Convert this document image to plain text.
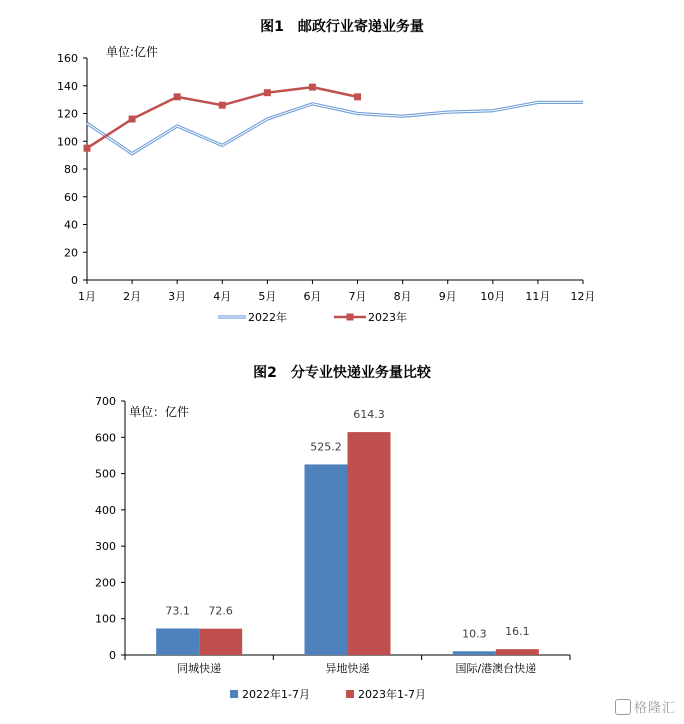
图1　邮政行业寄递业务量
图2　分专业快递业务量比较
0
20
40
60
80
100
120
140
160
1月 2月 3月 4月 5月 6月 7月 8月 9月 10月 11月 12月
单位:亿件
2022年	2023年
0
100
200
300
400
500
600
700
单位：亿件
73.1 72.6
同城快递
525.2
614.3
异地快递
10.3 16.1
国际/港澳台快递
2022年1-7月	2023年1-7月
格隆汇
